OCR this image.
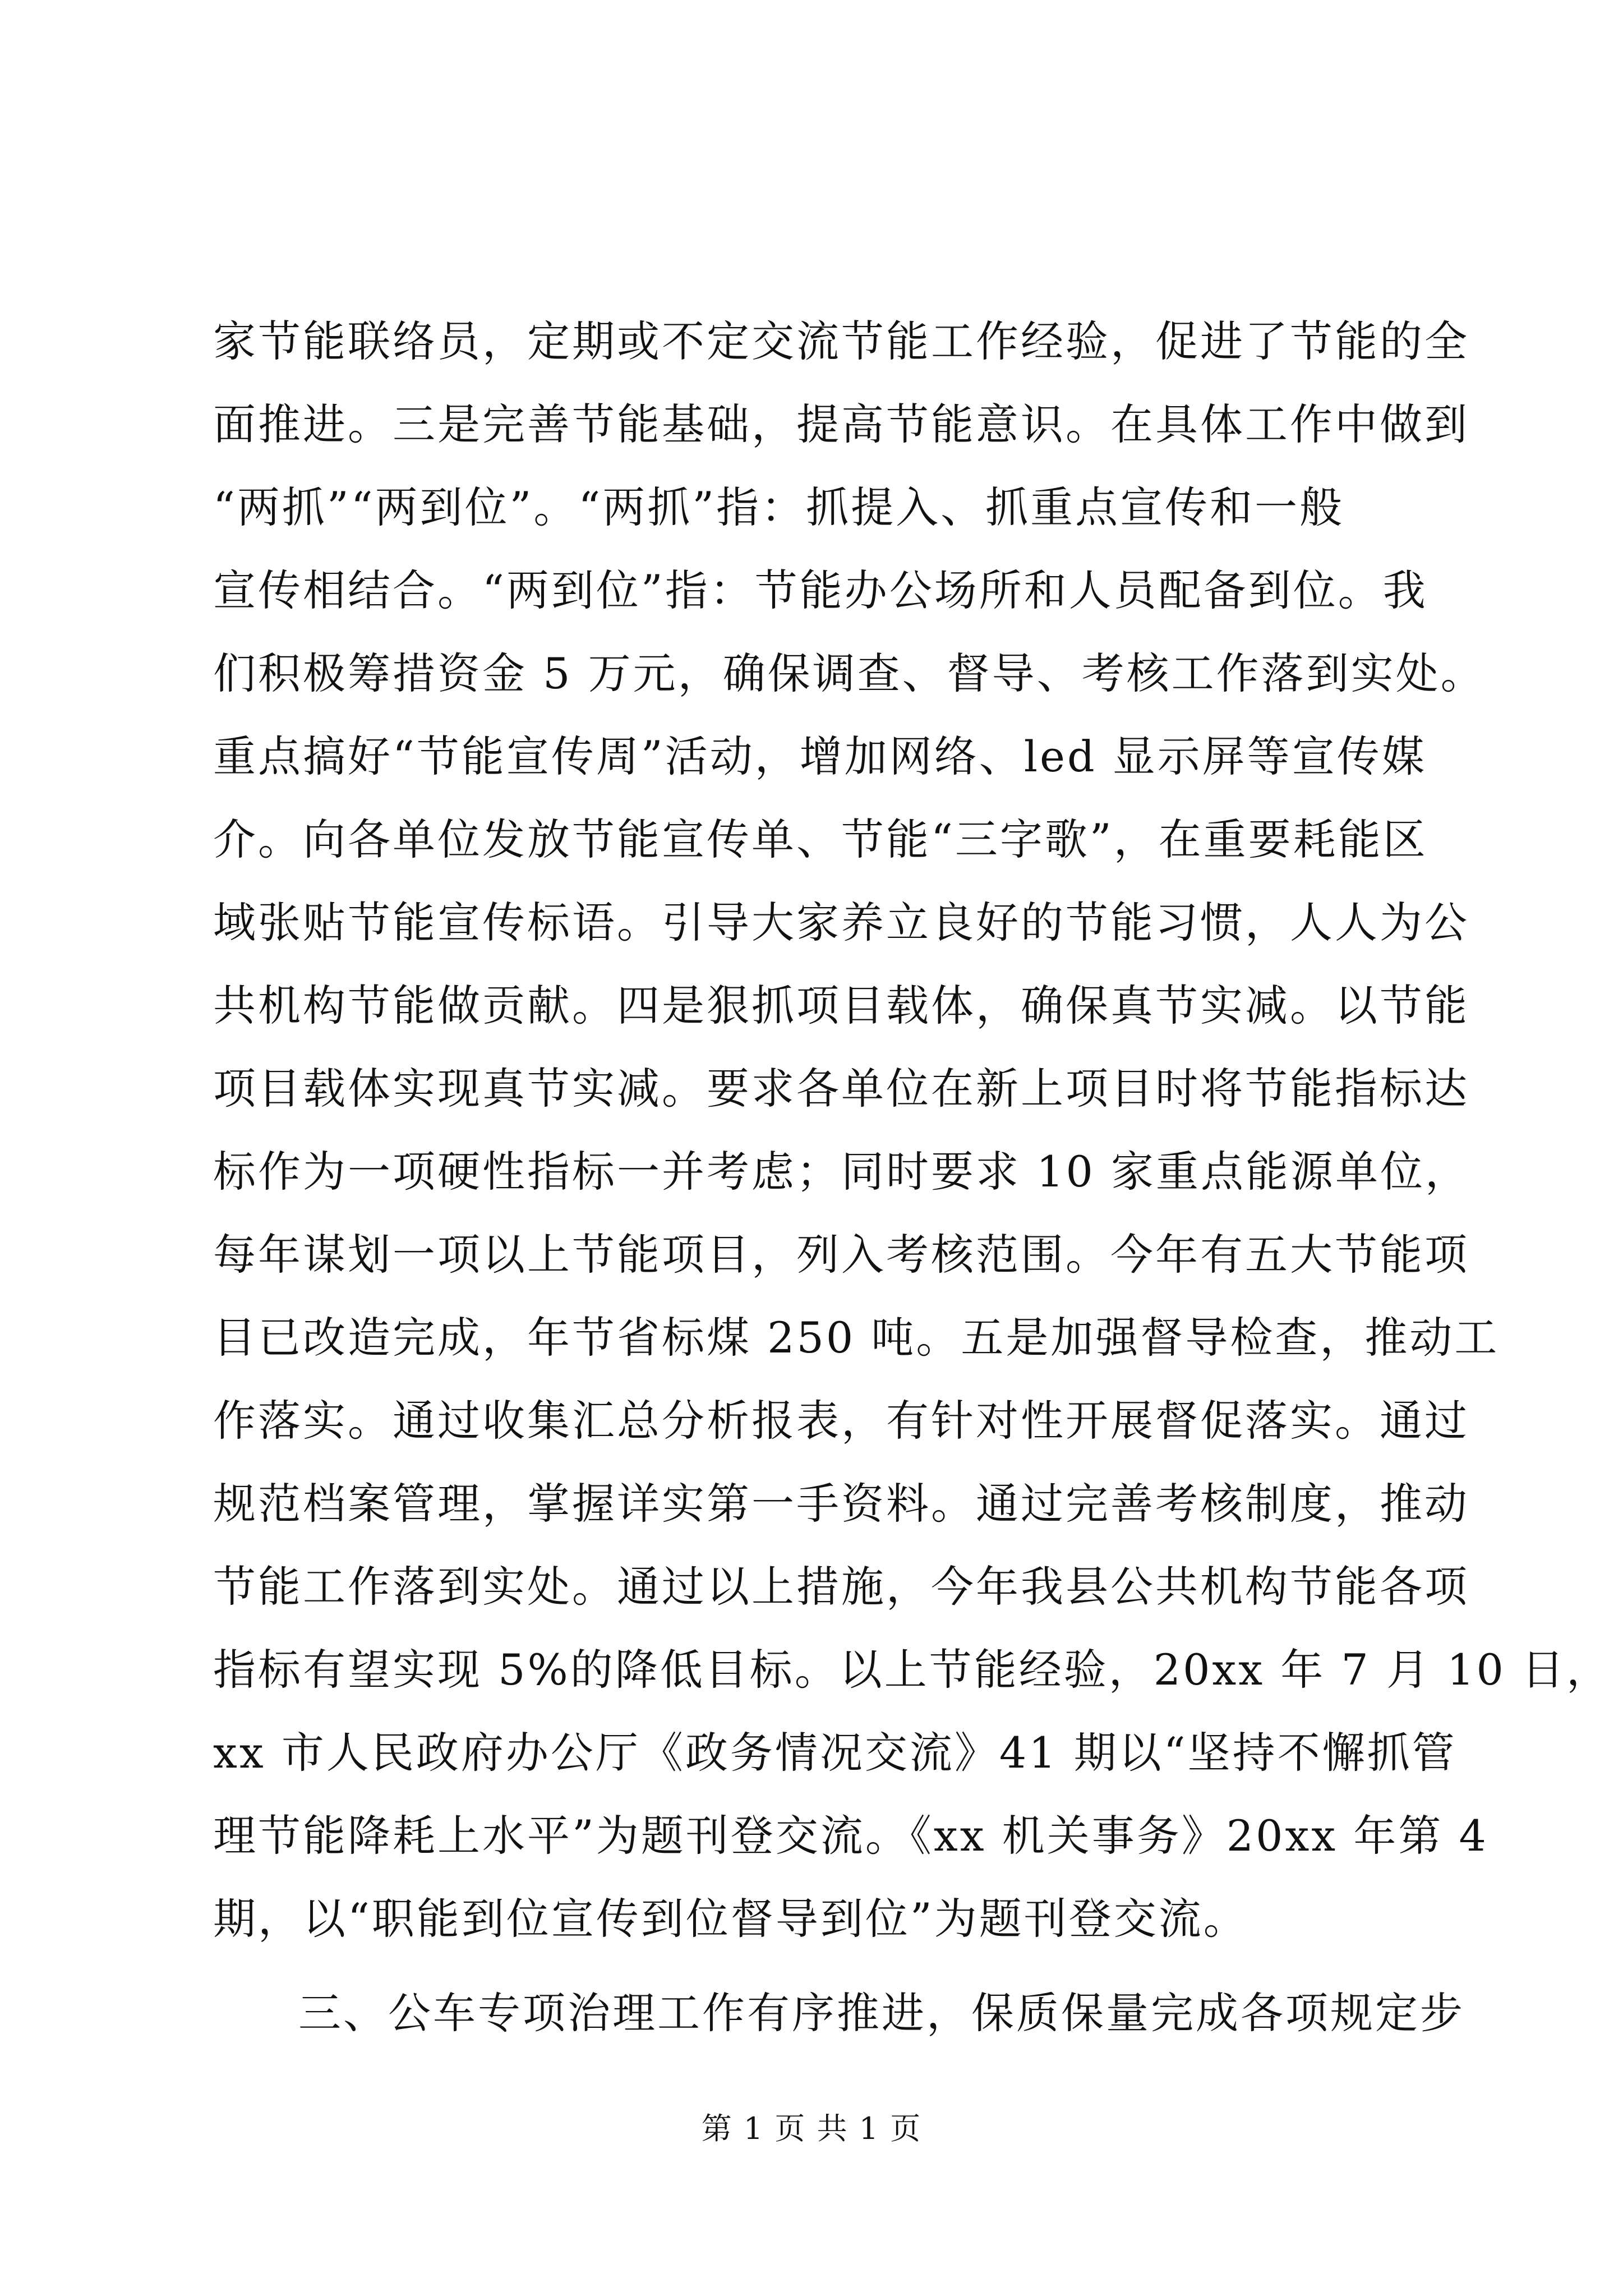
家节能联络员，定期或不定交流节能工作经验，促进了节能的全
面推进。三是完善节能基础，提高节能意识。在具体工作中做到
“两抓”“两到位”。“两抓”指：抓提入、抓重点宣传和一般
宣传相结合。“两到位”指：节能办公场所和人员配备到位。我
们积极筹措资金 5 万元，确保调查、督导、考核工作落到实处。
重点搞好“节能宣传周”活动，增加网络、led 显示屏等宣传媒
介。向各单位发放节能宣传单、节能“三字歌”，在重要耗能区
域张贴节能宣传标语。引导大家养立良好的节能习惯，人人为公
共机构节能做贡献。四是狠抓项目载体，确保真节实减。以节能
项目载体实现真节实减。要求各单位在新上项目时将节能指标达
标作为一项硬性指标一并考虑；同时要求 10 家重点能源单位，
每年谋划一项以上节能项目，列入考核范围。今年有五大节能项
目已改造完成，年节省标煤 250 吨。五是加强督导检查，推动工
作落实。通过收集汇总分析报表，有针对性开展督促落实。通过
规范档案管理，掌握详实第一手资料。通过完善考核制度，推动
节能工作落到实处。通过以上措施，今年我县公共机构节能各项
指标有望实现 5%的降低目标。以上节能经验，20xx 年 7 月 10 日，
xx 市人民政府办公厅《政务情况交流》41 期以“坚持不懈抓管
理节能降耗上水平”为题刊登交流。《xx 机关事务》20xx 年第 4
期，以“职能到位宣传到位督导到位”为题刊登交流。
三、公车专项治理工作有序推进，保质保量完成各项规定步
第 1 页 共 1 页
